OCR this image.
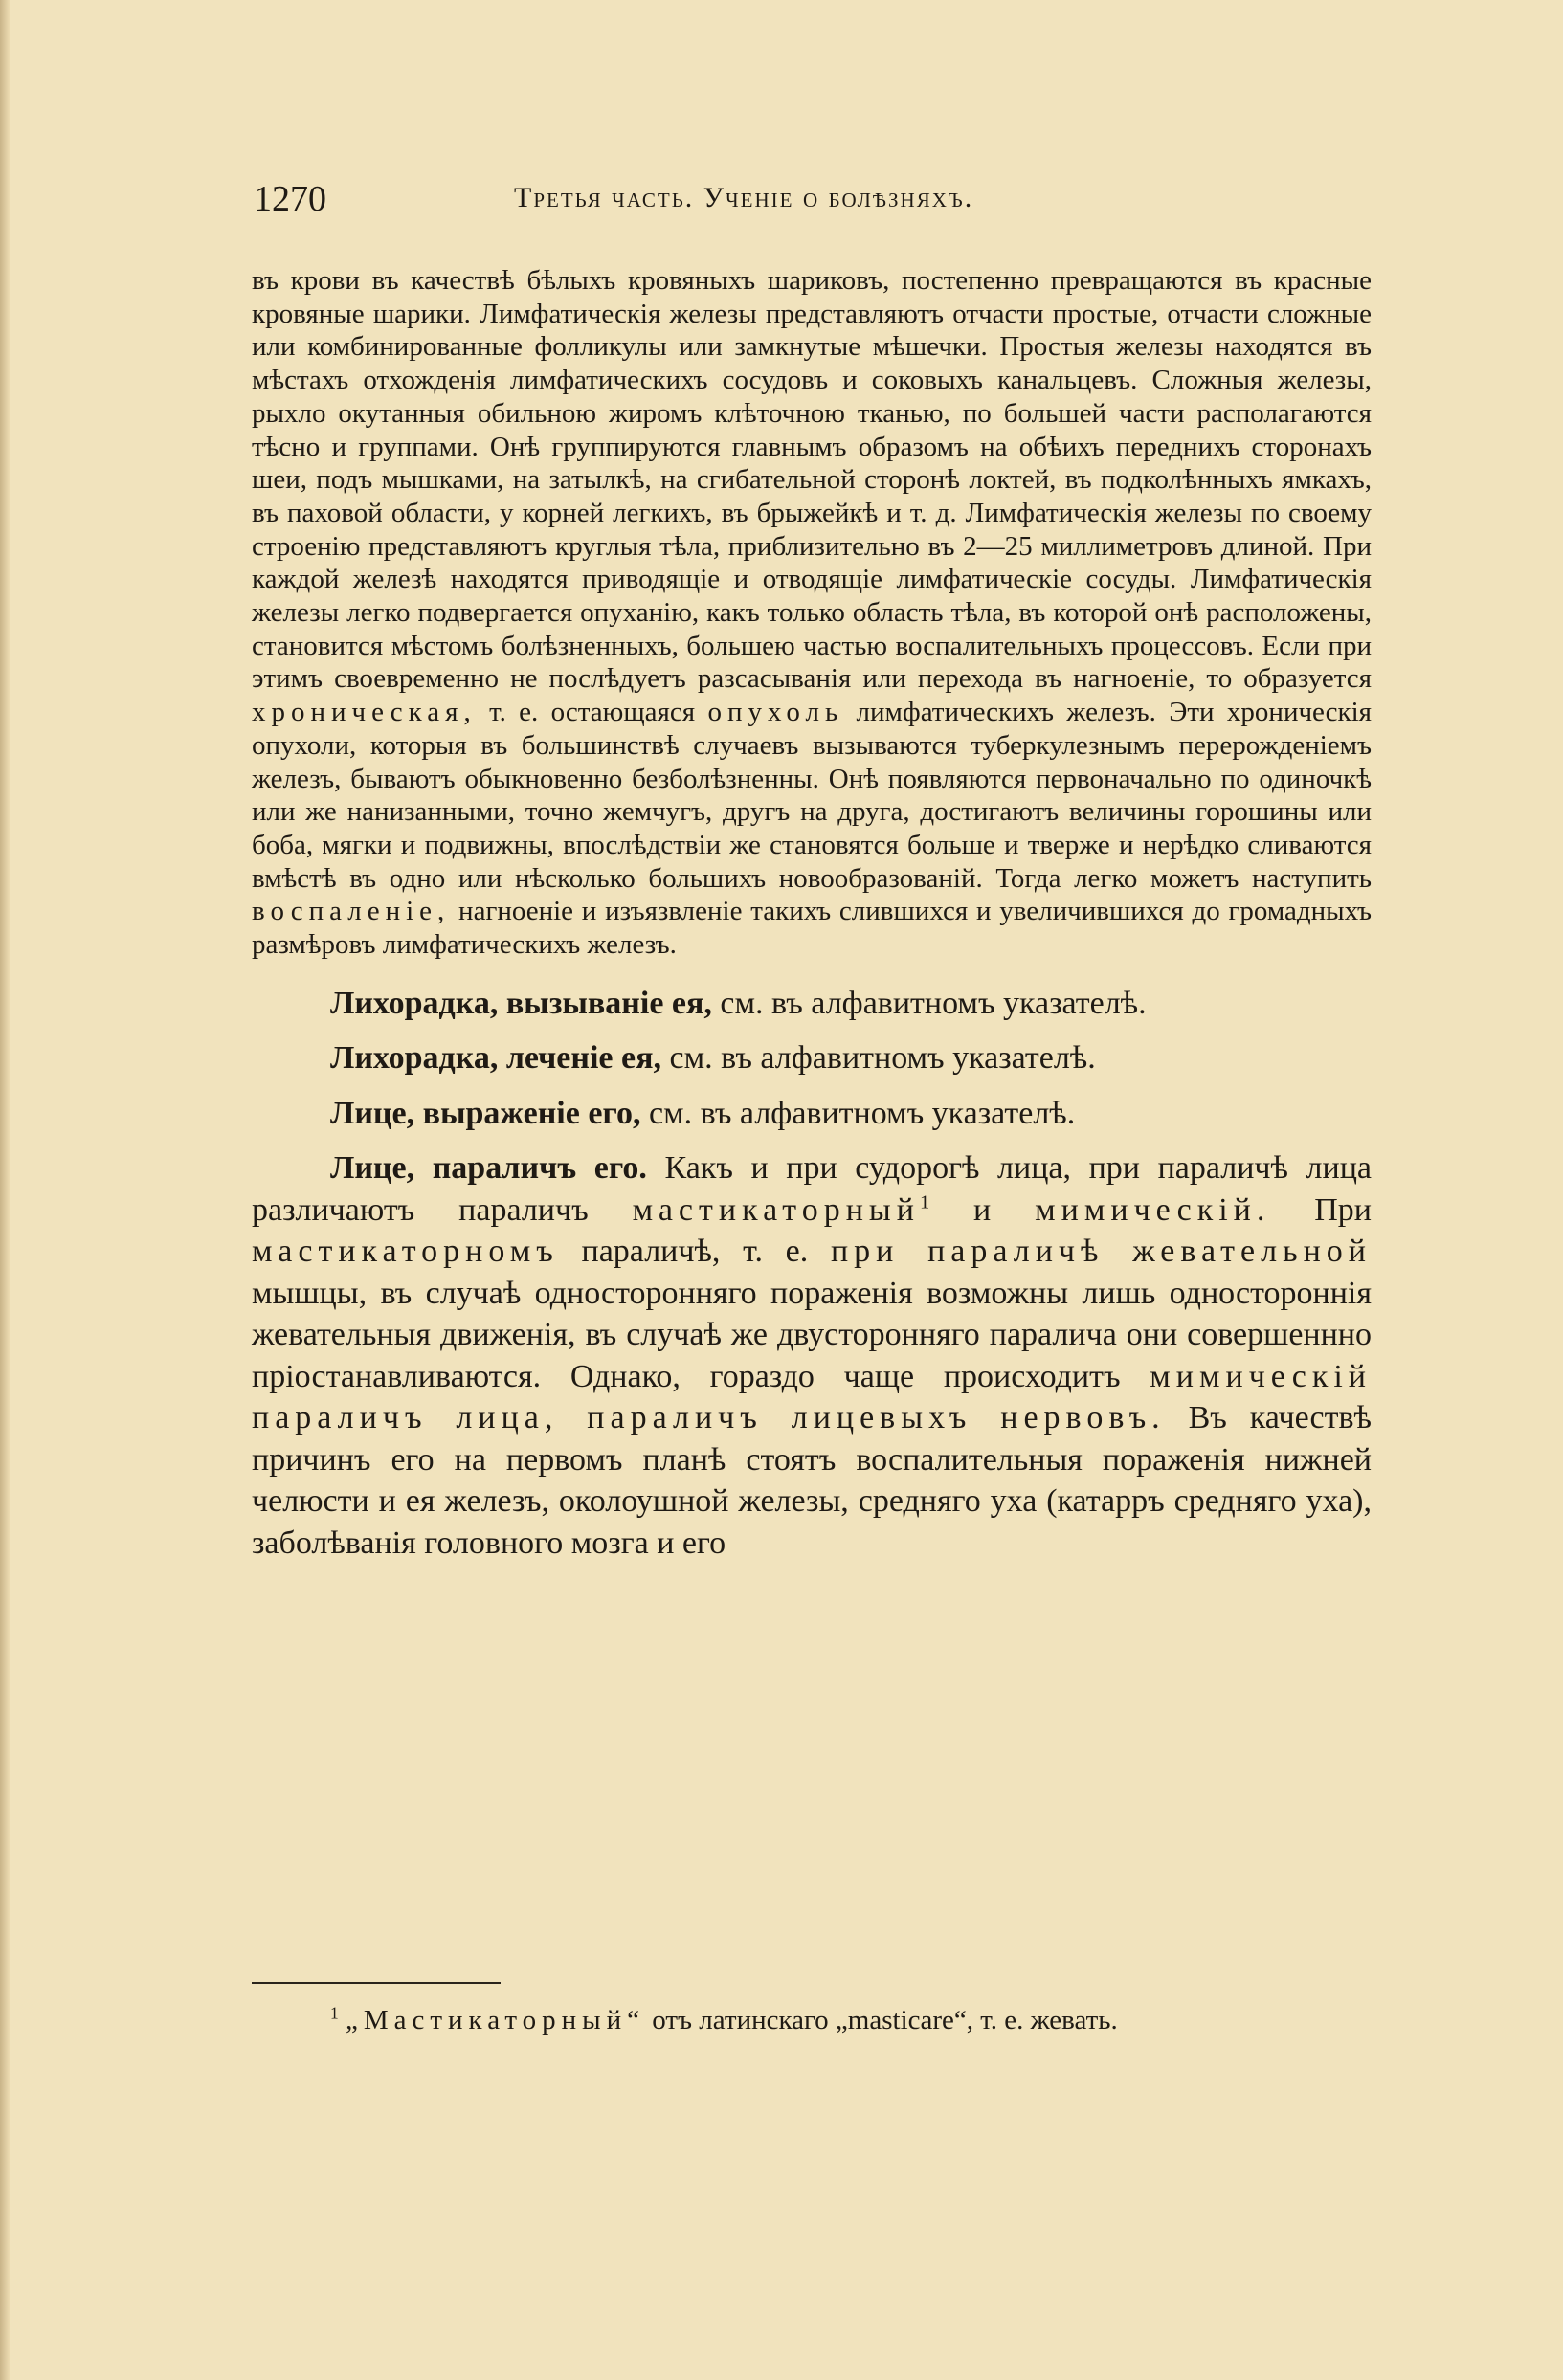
1270	Третья часть. Ученіе о болѣзняхъ.

въ крови въ качествѣ бѣлыхъ кровяныхъ шариковъ, постепенно превращаются въ красные кровяные шарики. Лимфатическія железы представляютъ отчасти простые, отчасти сложные или комбинированные фолликулы или замкнутые мѣшечки. Простыя железы находятся въ мѣстахъ отхожденія лимфатическихъ сосудовъ и соковыхъ канальцевъ. Сложныя железы, рыхло окутанныя обильною жиромъ клѣточною тканью, по большей части располагаются тѣсно и группами. Онѣ группируются главнымъ образомъ на обѣихъ переднихъ сторонахъ шеи, подъ мышками, на затылкѣ, на сгибательной сторонѣ локтей, въ подколѣнныхъ ямкахъ, въ паховой области, у корней легкихъ, въ брыжейкѣ и т. д. Лимфатическія железы по своему строенію представляютъ круглыя тѣла, приблизительно въ 2—25 миллиметровъ длиной. При каждой железѣ находятся приводящіе и отводящіе лимфатическіе сосуды. Лимфатическія железы легко подвергается опуханію, какъ только область тѣла, въ которой онѣ расположены, становится мѣстомъ болѣзненныхъ, большею частью воспалительныхъ процессовъ. Если при этимъ своевременно не послѣдуетъ разсасыванія или перехода въ нагноеніе, то образуется хроническая, т. е. остающаяся опухоль лимфатическихъ железъ. Эти хроническія опухоли, которыя въ большинствѣ случаевъ вызываются туберкулезнымъ перерожденіемъ железъ, бываютъ обыкновенно безболѣзненны. Онѣ появляются первоначально по одиночкѣ или же нанизанными, точно жемчугъ, другъ на друга, достигаютъ величины горошины или боба, мягки и подвижны, впослѣдствіи же становятся больше и тверже и нерѣдко сливаются вмѣстѣ въ одно или нѣсколько большихъ новообразованій. Тогда легко можетъ наступить воспаленіе, нагноеніе и изъязвленіе такихъ слившихся и увеличившихся до громадныхъ размѣровъ лимфатическихъ железъ.

Лихорадка, вызываніе ея, см. въ алфавитномъ указателѣ.

Лихорадка, леченіе ея, см. въ алфавитномъ указателѣ.

Лице, выраженіе его, см. въ алфавитномъ указателѣ.

Лице, параличъ его. Какъ и при судорогѣ лица, при параличѣ лица различаютъ параличъ мастикаторный$^1$ и мимическій. При мастикаторномъ параличѣ, т. е. при параличѣ жевательной мышцы, въ случаѣ односторонняго пораженія возможны лишь одностороннія жевательныя движенія, въ случаѣ же двусторонняго паралича они совершеннно пріостанавливаются. Однако, гораздо чаще происходитъ мимическій параличъ лица, параличъ лицевыхъ нервовъ. Въ качествѣ причинъ его на первомъ планѣ стоятъ воспалительныя пораженія нижней челюсти и ея железъ, околоушной железы, средняго уха (катарръ средняго уха), заболѣванія головного мозга и его

$^1$ „Мастикаторный“ отъ латинскаго „masticare“, т. е. жевать.
